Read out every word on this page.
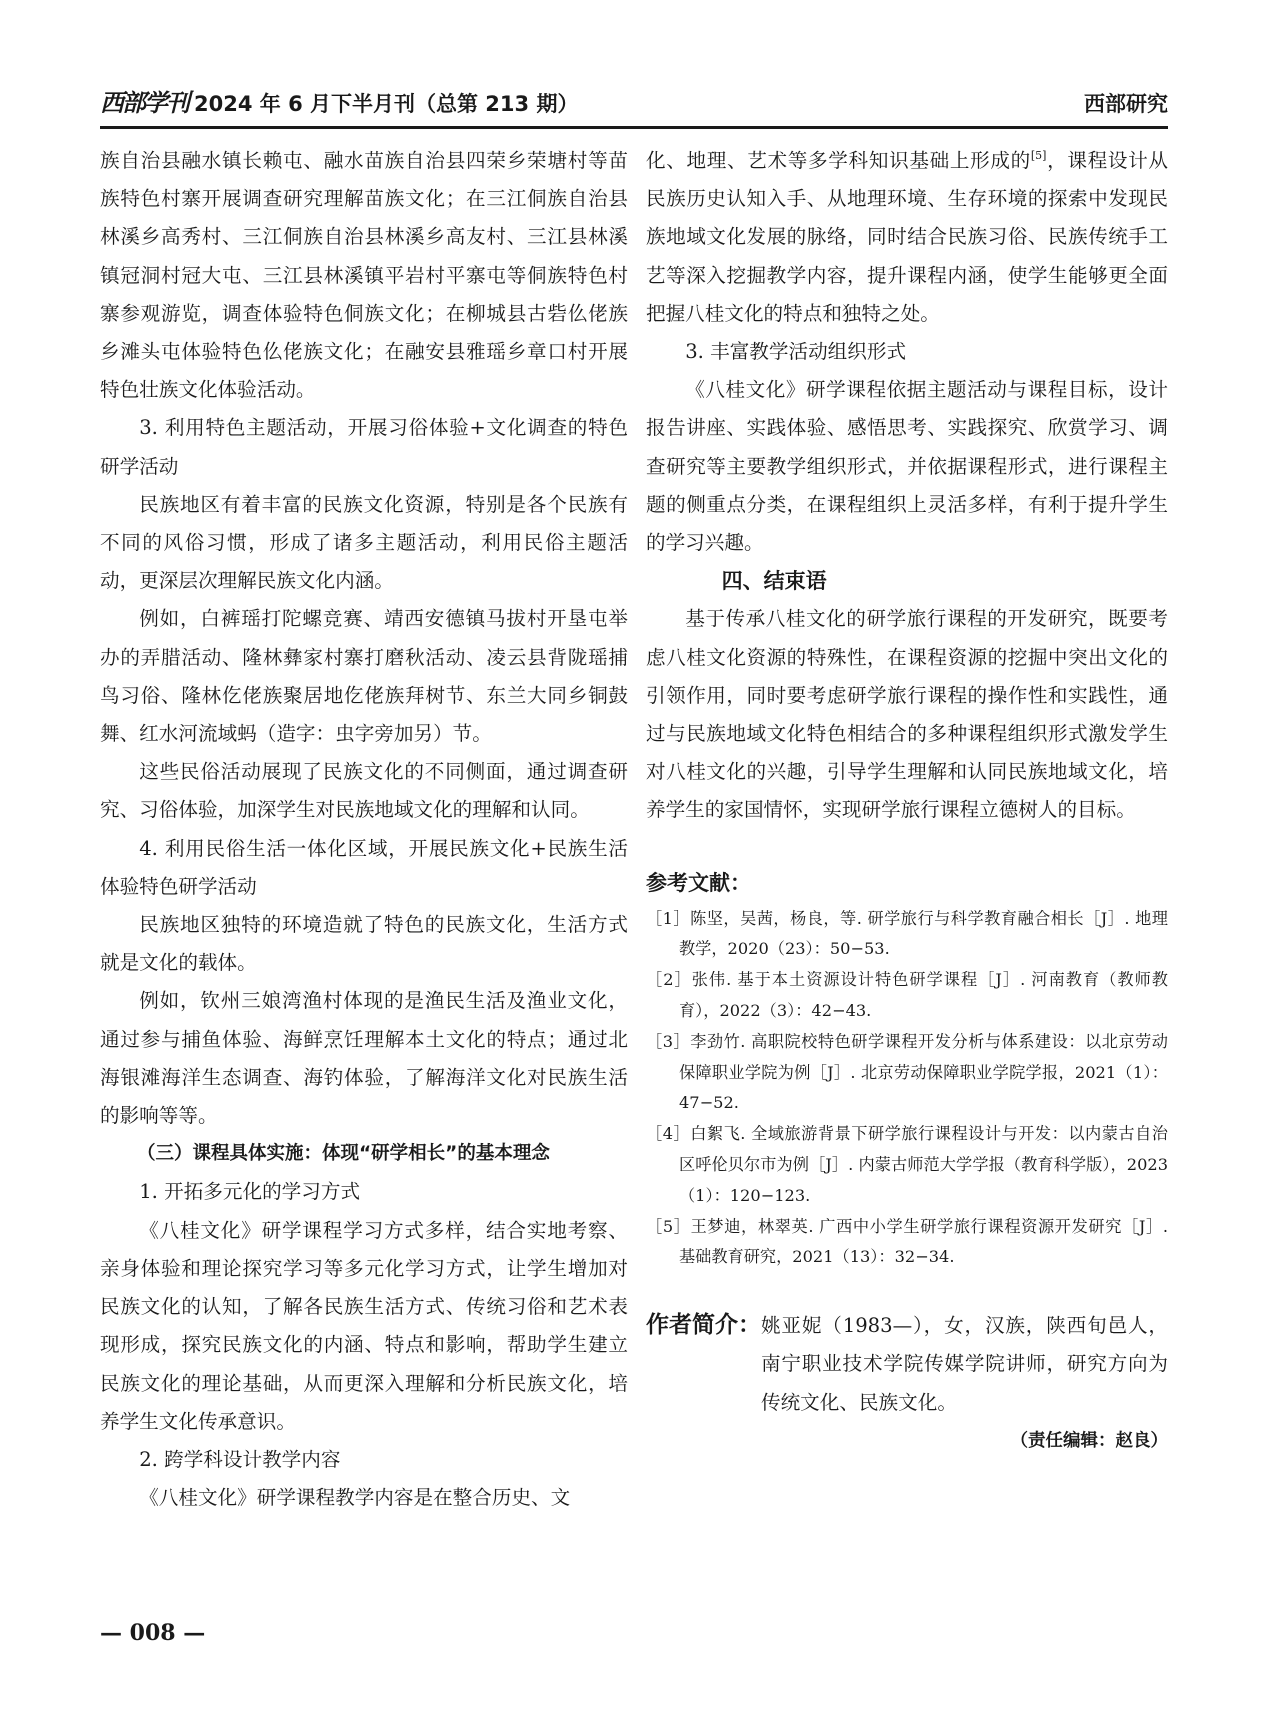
西部学刊 2024 年 6 月下半月刊（总第 213 期）	西部研究

族自治县融水镇长赖屯、融水苗族自治县四荣乡荣塘村等苗族特色村寨开展调查研究理解苗族文化；在三江侗族自治县林溪乡高秀村、三江侗族自治县林溪乡高友村、三江县林溪镇冠洞村冠大屯、三江县林溪镇平岩村平寨屯等侗族特色村寨参观游览，调查体验特色侗族文化；在柳城县古砦仫佬族乡滩头屯体验特色仫佬族文化；在融安县雅瑶乡章口村开展特色壮族文化体验活动。

3. 利用特色主题活动，开展习俗体验+文化调查的特色研学活动

民族地区有着丰富的民族文化资源，特别是各个民族有不同的风俗习惯，形成了诸多主题活动，利用民俗主题活动，更深层次理解民族文化内涵。

例如，白裤瑶打陀螺竞赛、靖西安德镇马拔村开垦屯举办的弄腊活动、隆林彝家村寨打磨秋活动、凌云县背陇瑶捕鸟习俗、隆林仡佬族聚居地仡佬族拜树节、东兰大同乡铜鼓舞、红水河流域蚂（造字：虫字旁加另）节。

这些民俗活动展现了民族文化的不同侧面，通过调查研究、习俗体验，加深学生对民族地域文化的理解和认同。

4. 利用民俗生活一体化区域，开展民族文化+民族生活体验特色研学活动

民族地区独特的环境造就了特色的民族文化，生活方式就是文化的载体。

例如，钦州三娘湾渔村体现的是渔民生活及渔业文化，通过参与捕鱼体验、海鲜烹饪理解本土文化的特点；通过北海银滩海洋生态调查、海钓体验，了解海洋文化对民族生活的影响等等。

（三）课程具体实施：体现“研学相长”的基本理念

1. 开拓多元化的学习方式

《八桂文化》研学课程学习方式多样，结合实地考察、亲身体验和理论探究学习等多元化学习方式，让学生增加对民族文化的认知，了解各民族生活方式、传统习俗和艺术表现形成，探究民族文化的内涵、特点和影响，帮助学生建立民族文化的理论基础，从而更深入理解和分析民族文化，培养学生文化传承意识。

2. 跨学科设计教学内容

《八桂文化》研学课程教学内容是在整合历史、文

化、地理、艺术等多学科知识基础上形成的[5]，课程设计从民族历史认知入手、从地理环境、生存环境的探索中发现民族地域文化发展的脉络，同时结合民族习俗、民族传统手工艺等深入挖掘教学内容，提升课程内涵，使学生能够更全面把握八桂文化的特点和独特之处。

3. 丰富教学活动组织形式

《八桂文化》研学课程依据主题活动与课程目标，设计报告讲座、实践体验、感悟思考、实践探究、欣赏学习、调查研究等主要教学组织形式，并依据课程形式，进行课程主题的侧重点分类，在课程组织上灵活多样，有利于提升学生的学习兴趣。

四、结束语

基于传承八桂文化的研学旅行课程的开发研究，既要考虑八桂文化资源的特殊性，在课程资源的挖掘中突出文化的引领作用，同时要考虑研学旅行课程的操作性和实践性，通过与民族地域文化特色相结合的多种课程组织形式激发学生对八桂文化的兴趣，引导学生理解和认同民族地域文化，培养学生的家国情怀，实现研学旅行课程立德树人的目标。

参考文献：
［1］陈坚，吴茜，杨良，等. 研学旅行与科学教育融合相长［J］. 地理教学，2020（23）：50−53.
［2］张伟. 基于本土资源设计特色研学课程［J］. 河南教育（教师教育），2022（3）：42−43.
［3］李劲竹. 高职院校特色研学课程开发分析与体系建设：以北京劳动保障职业学院为例［J］. 北京劳动保障职业学院学报，2021（1）：47−52.
［4］白絮飞. 全域旅游背景下研学旅行课程设计与开发：以内蒙古自治区呼伦贝尔市为例［J］. 内蒙古师范大学学报（教育科学版），2023（1）：120−123.
［5］王梦迪，林翠英. 广西中小学生研学旅行课程资源开发研究［J］. 基础教育研究，2021（13）：32−34.
作者简介： 姚亚妮（1983—），女，汉族，陕西旬邑人，南宁职业技术学院传媒学院讲师，研究方向为传统文化、民族文化。
（责任编辑：赵良）
— 008 —
